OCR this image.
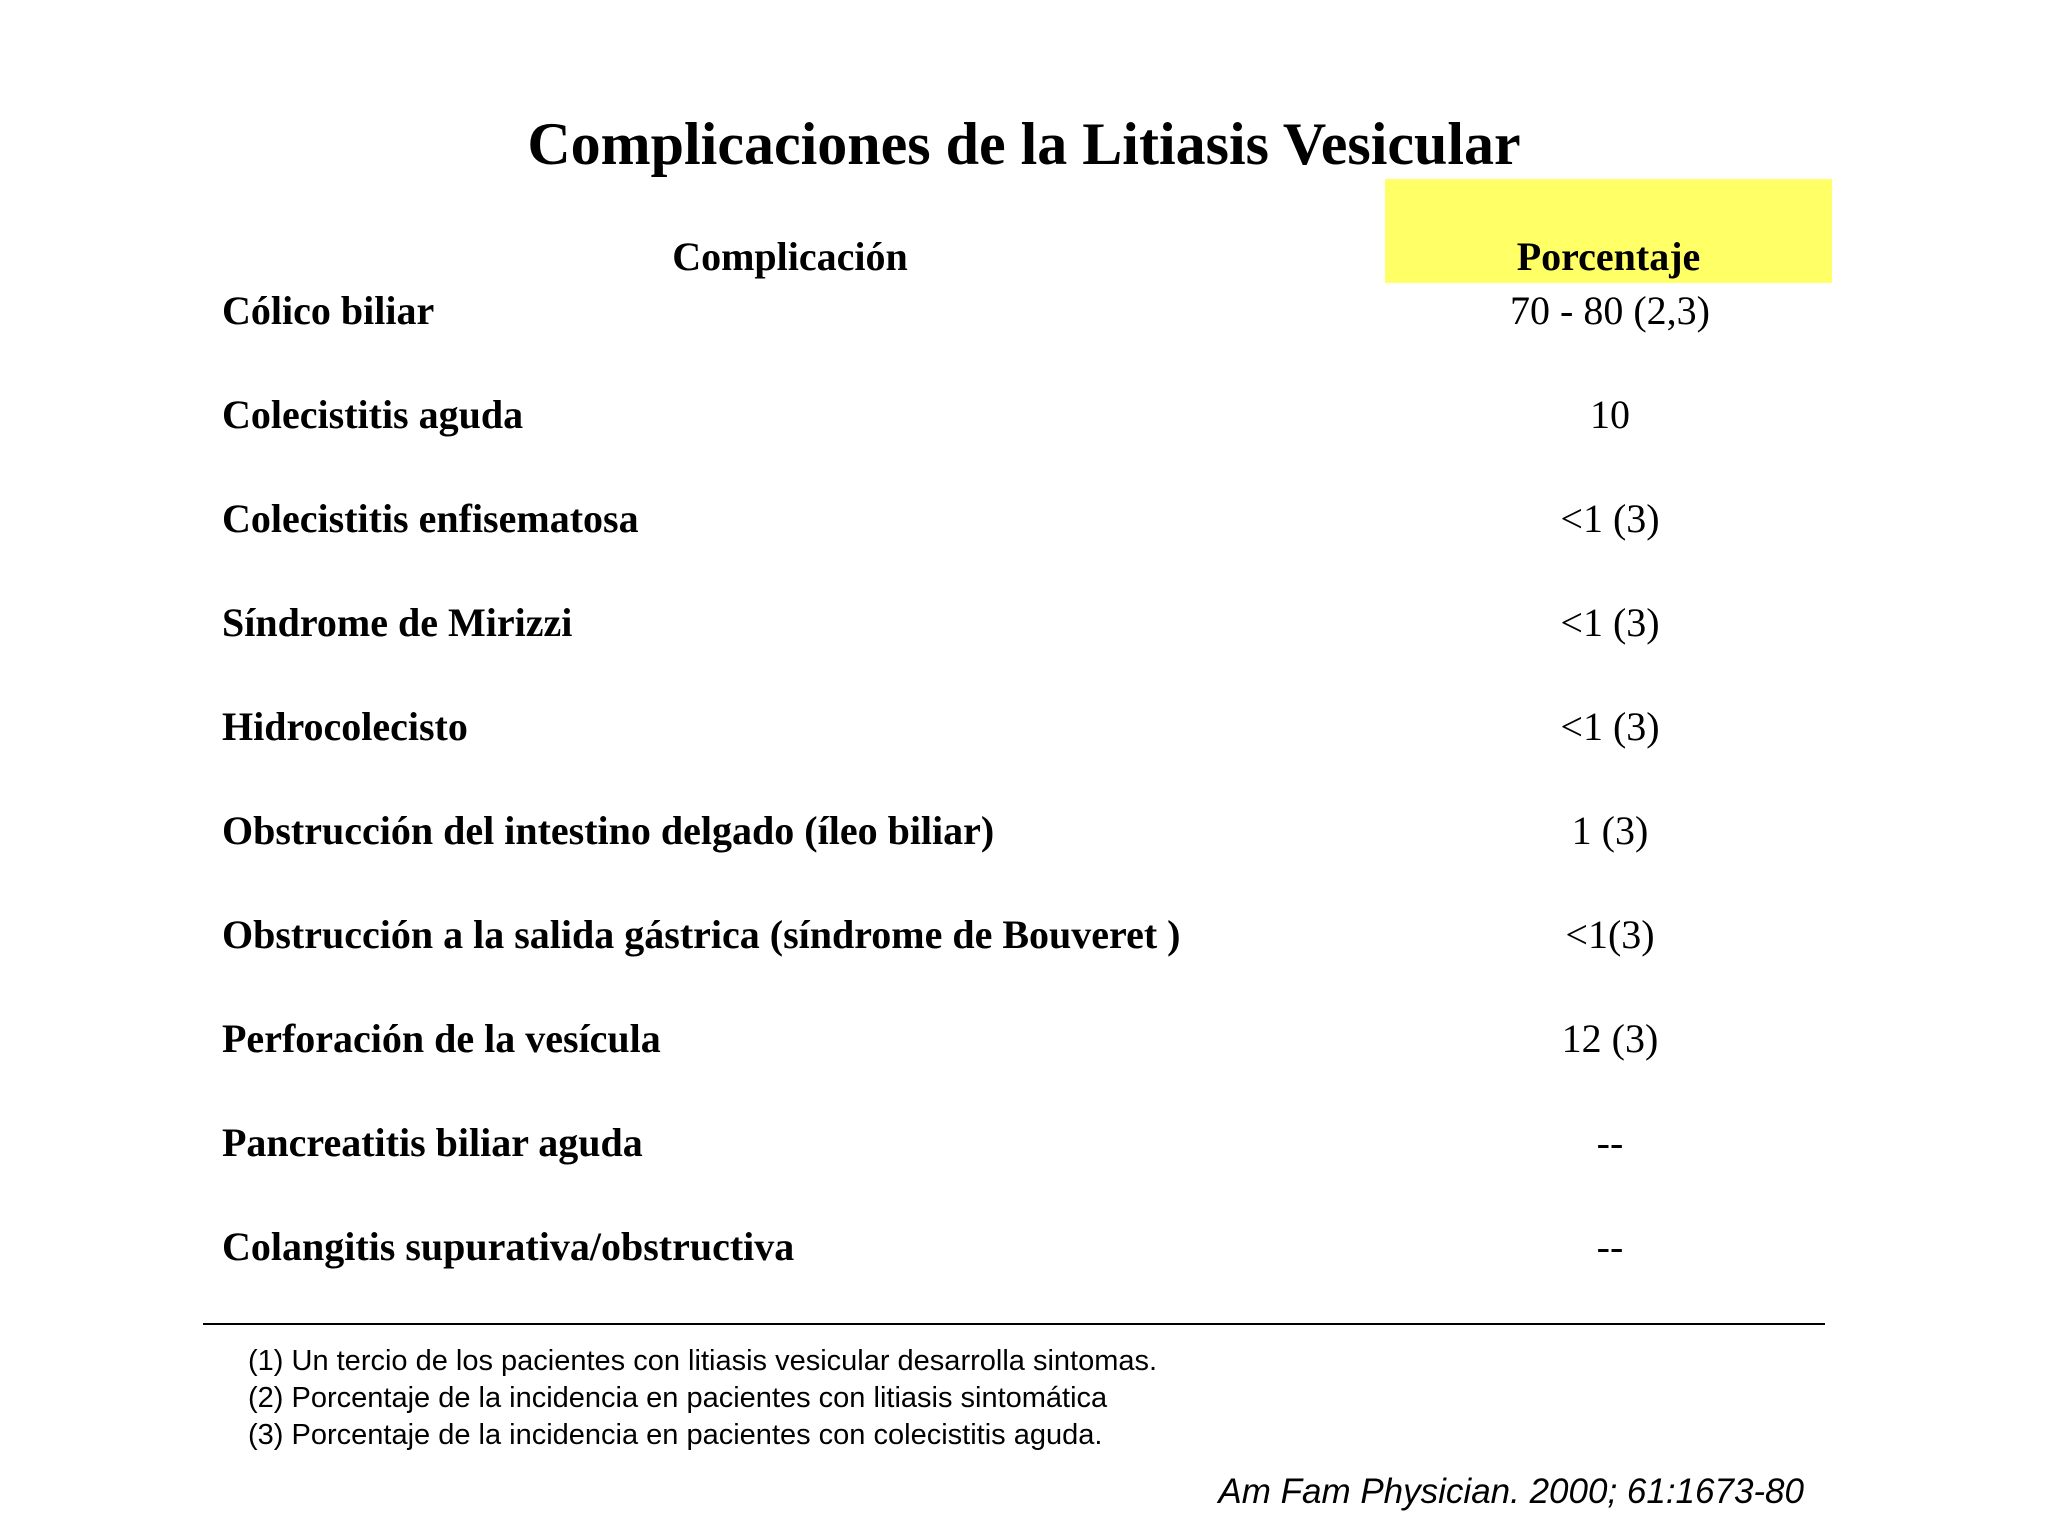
Complicaciones de la Litiasis Vesicular
Complicación	Porcentaje
Cólico biliar	70 - 80 (2,3)
Colecistitis aguda	10
Colecistitis enfisematosa	<1 (3)
Síndrome de Mirizzi	<1 (3)
Hidrocolecisto	<1 (3)
Obstrucción del intestino delgado (íleo biliar)	1 (3)
Obstrucción a la salida gástrica (síndrome de Bouveret )	<1(3)
Perforación de la vesícula	12 (3)
Pancreatitis biliar aguda	--
Colangitis supurativa/obstructiva	--
(1) Un tercio de los pacientes con litiasis vesicular desarrolla sintomas.
(2) Porcentaje de la incidencia en pacientes con litiasis sintomática
(3) Porcentaje de la incidencia en pacientes con colecistitis aguda.
Am Fam Physician. 2000; 61:1673-80
